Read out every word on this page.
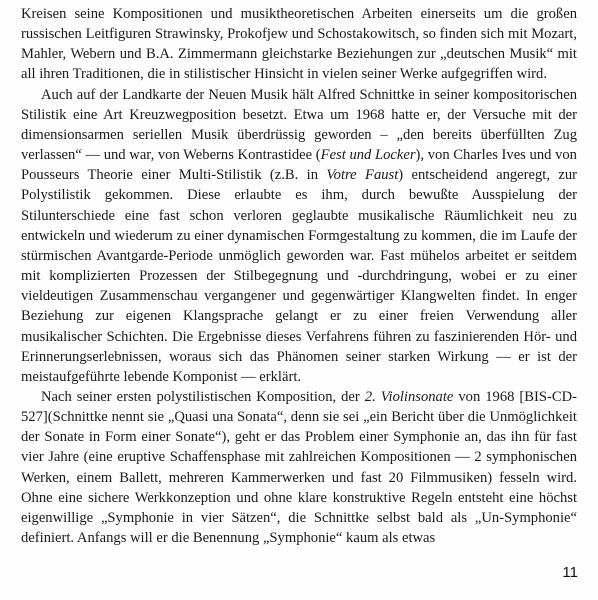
Kreisen seine Kompositionen und musiktheoretischen Arbeiten einerseits um die großen russischen Leitfiguren Strawinsky, Prokofjew und Schostakowitsch, so finden sich mit Mozart, Mahler, Webern und B.A. Zimmermann gleichstarke Beziehungen zur „deutschen Musik“ mit all ihren Traditionen, die in stilistischer Hinsicht in vielen seiner Werke aufgegriffen wird.

Auch auf der Landkarte der Neuen Musik hält Alfred Schnittke in seiner kompositorischen Stilistik eine Art Kreuzwegposition besetzt. Etwa um 1968 hatte er, der Versuche mit der dimensionsarmen seriellen Musik überdrüssig geworden – „den bereits überfüllten Zug verlassen“ — und war, von Weberns Kontrastidee (Fest und Locker), von Charles Ives und von Pousseurs Theorie einer Multi-Stilistik (z.B. in Votre Faust) entscheidend angeregt, zur Polystilistik gekommen. Diese erlaubte es ihm, durch bewußte Ausspielung der Stilunterschiede eine fast schon verloren geglaubte musikalische Räumlichkeit neu zu entwickeln und wiederum zu einer dynamischen Formgestaltung zu kommen, die im Laufe der stürmischen Avantgarde-Periode unmöglich geworden war. Fast mühelos arbeitet er seitdem mit komplizierten Prozessen der Stilbegegnung und -durchdringung, wobei er zu einer vieldeutigen Zusammenschau vergangener und gegenwärtiger Klangwelten findet. In enger Beziehung zur eigenen Klangsprache gelangt er zu einer freien Verwendung aller musikalischer Schichten. Die Ergebnisse dieses Verfahrens führen zu faszinierenden Hör- und Erinnerungserlebnissen, woraus sich das Phänomen seiner starken Wirkung — er ist der meistaufgeführte lebende Komponist — erklärt.

Nach seiner ersten polystilistischen Komposition, der 2. Violinsonate von 1968 [BIS-CD-527](Schnittke nennt sie „Quasi una Sonata“, denn sie sei „ein Bericht über die Unmöglichkeit der Sonate in Form einer Sonate“), geht er das Problem einer Symphonie an, das ihn für fast vier Jahre (eine eruptive Schaffensphase mit zahlreichen Kompositionen — 2 symphonischen Werken, einem Ballett, mehreren Kammerwerken und fast 20 Filmmusiken) fesseln wird. Ohne eine sichere Werkkonzeption und ohne klare konstruktive Regeln entsteht eine höchst eigenwillige „Symphonie in vier Sätzen“, die Schnittke selbst bald als „Un-Symphonie“ definiert. Anfangs will er die Benennung „Symphonie“ kaum als etwas

11
